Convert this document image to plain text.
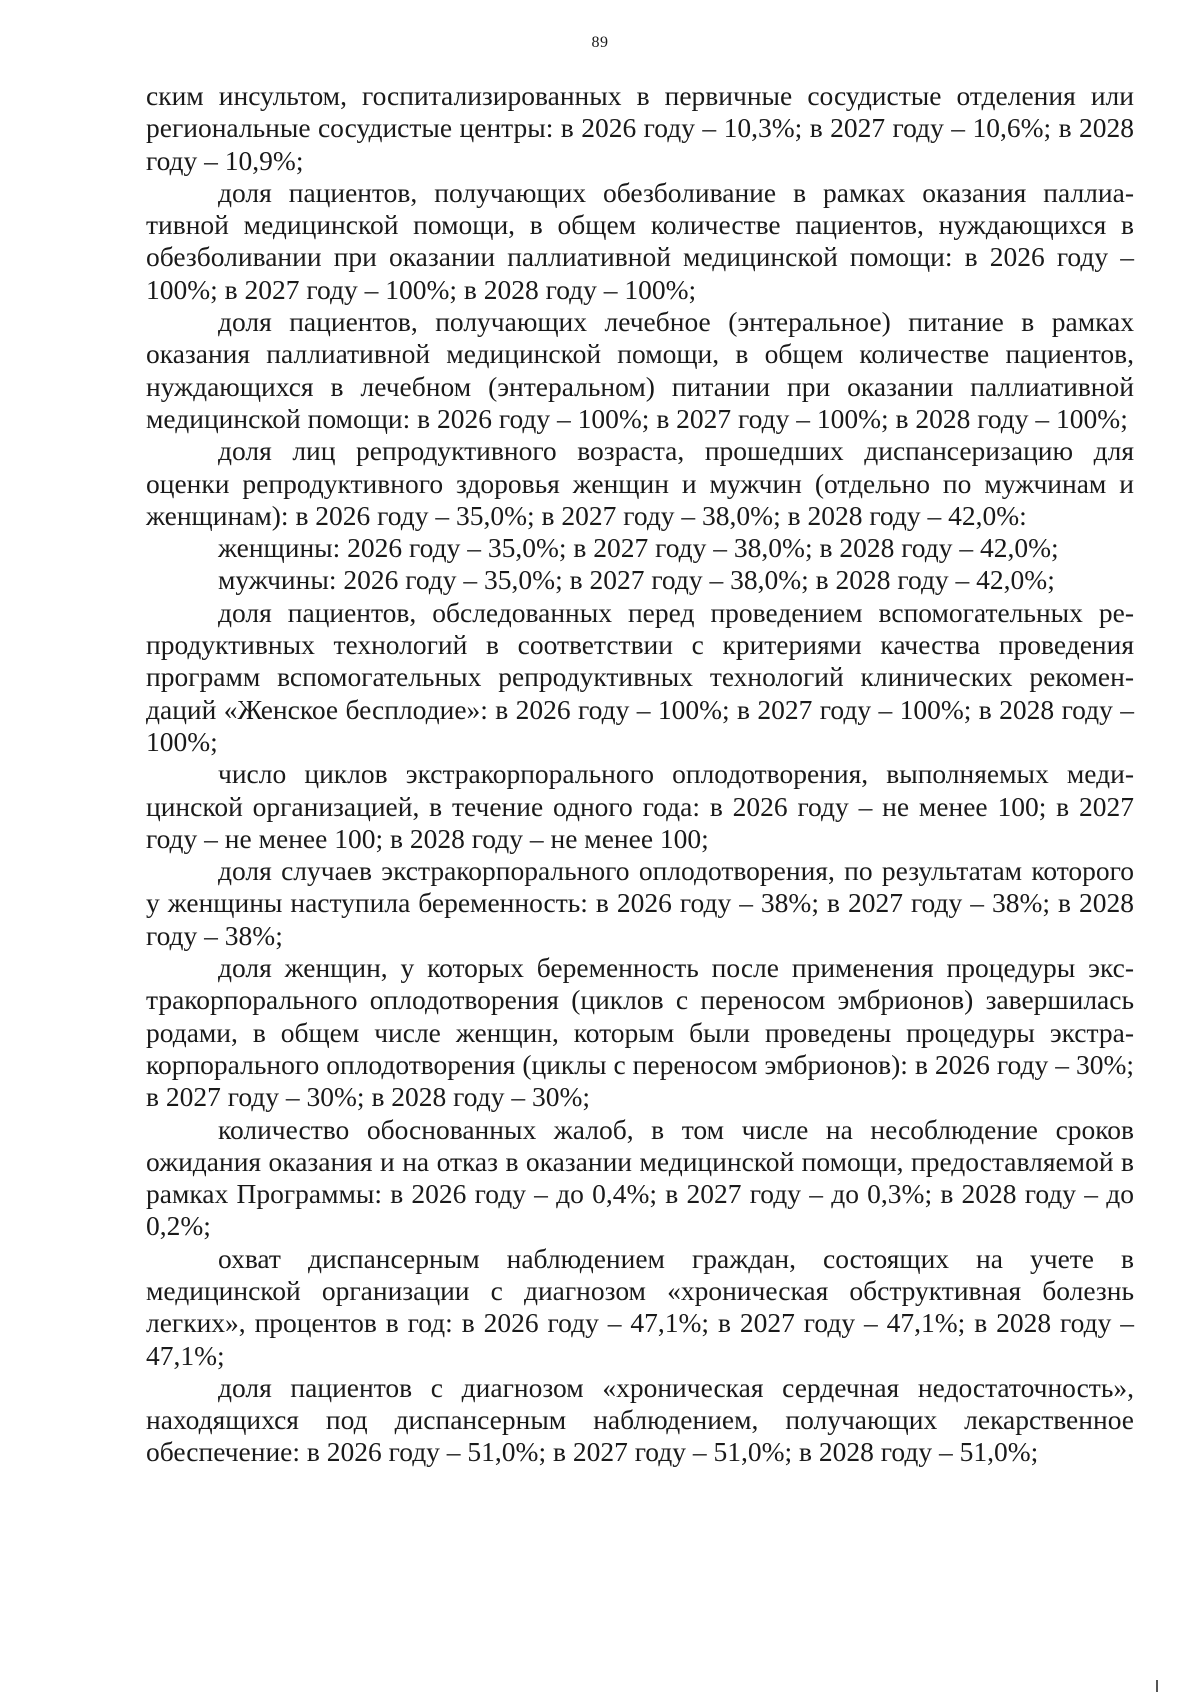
89

ским инсультом, госпитализированных в первичные сосудистые отделения или региональные сосудистые центры: в 2026 году – 10,3%; в 2027 году – 10,6%; в 2028 году – 10,9%;

доля пациентов, получающих обезболивание в рамках оказания паллиативной медицинской помощи, в общем количестве пациентов, нуждающихся в обезболивании при оказании паллиативной медицинской помощи: в 2026 году – 100%; в 2027 году – 100%; в 2028 году – 100%;

доля пациентов, получающих лечебное (энтеральное) питание в рамках оказания паллиативной медицинской помощи, в общем количестве пациентов, нуждающихся в лечебном (энтеральном) питании при оказании паллиативной медицинской помощи: в 2026 году – 100%; в 2027 году – 100%; в 2028 году – 100%;

доля лиц репродуктивного возраста, прошедших диспансеризацию для оценки репродуктивного здоровья женщин и мужчин (отдельно по мужчинам и женщинам): в 2026 году – 35,0%; в 2027 году – 38,0%; в 2028 году – 42,0%:

женщины: 2026 году – 35,0%; в 2027 году – 38,0%; в 2028 году – 42,0%;

мужчины: 2026 году – 35,0%; в 2027 году – 38,0%; в 2028 году – 42,0%;

доля пациентов, обследованных перед проведением вспомогательных репродуктивных технологий в соответствии с критериями качества проведения программ вспомогательных репродуктивных технологий клинических рекомендаций «Женское бесплодие»: в 2026 году – 100%; в 2027 году – 100%; в 2028 году – 100%;

число циклов экстракорпорального оплодотворения, выполняемых медицинской организацией, в течение одного года: в 2026 году – не менее 100; в 2027 году – не менее 100; в 2028 году – не менее 100;

доля случаев экстракорпорального оплодотворения, по результатам которого у женщины наступила беременность: в 2026 году – 38%; в 2027 году – 38%; в 2028 году – 38%;

доля женщин, у которых беременность после применения процедуры экстракорпорального оплодотворения (циклов с переносом эмбрионов) завершилась родами, в общем числе женщин, которым были проведены процедуры экстракорпорального оплодотворения (циклы с переносом эмбрионов): в 2026 году – 30%; в 2027 году – 30%; в 2028 году – 30%;

количество обоснованных жалоб, в том числе на несоблюдение сроков ожидания оказания и на отказ в оказании медицинской помощи, предоставляемой в рамках Программы: в 2026 году – до 0,4%; в 2027 году – до 0,3%; в 2028 году – до 0,2%;

охват диспансерным наблюдением граждан, состоящих на учете в медицинской организации с диагнозом «хроническая обструктивная болезнь легких», процентов в год: в 2026 году – 47,1%; в 2027 году – 47,1%; в 2028 году – 47,1%;

доля пациентов с диагнозом «хроническая сердечная недостаточность», находящихся под диспансерным наблюдением, получающих лекарственное обеспечение: в 2026 году – 51,0%; в 2027 году – 51,0%; в 2028 году – 51,0%;
